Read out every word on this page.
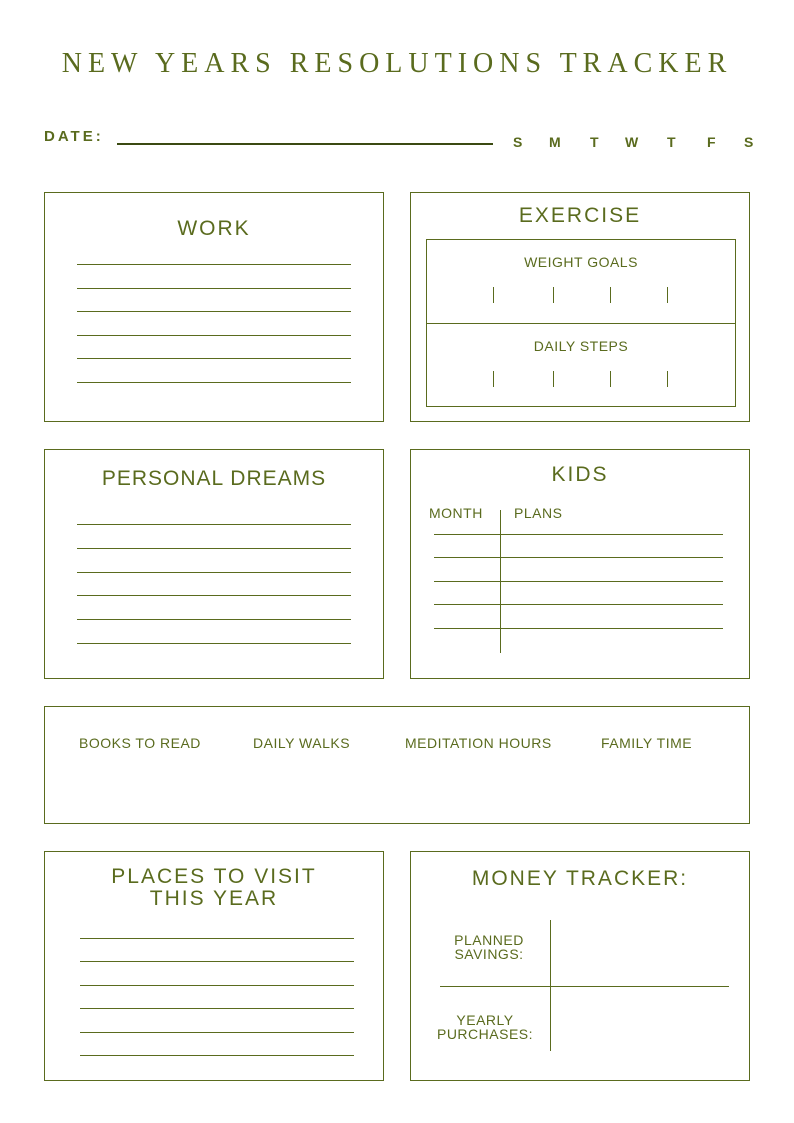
NEW YEARS RESOLUTIONS TRACKER
DATE:	S M T W T F S
WORK
EXERCISE
WEIGHT GOALS
DAILY STEPS
PERSONAL DREAMS	KIDS
MONTH PLANS
BOOKS TO READ	DAILY WALKS	MEDITATION HOURS	FAMILY TIME
PLACES TO VISIT
THIS YEAR
MONEY TRACKER:
PLANNED
SAVINGS:
YEARLY
PURCHASES:
